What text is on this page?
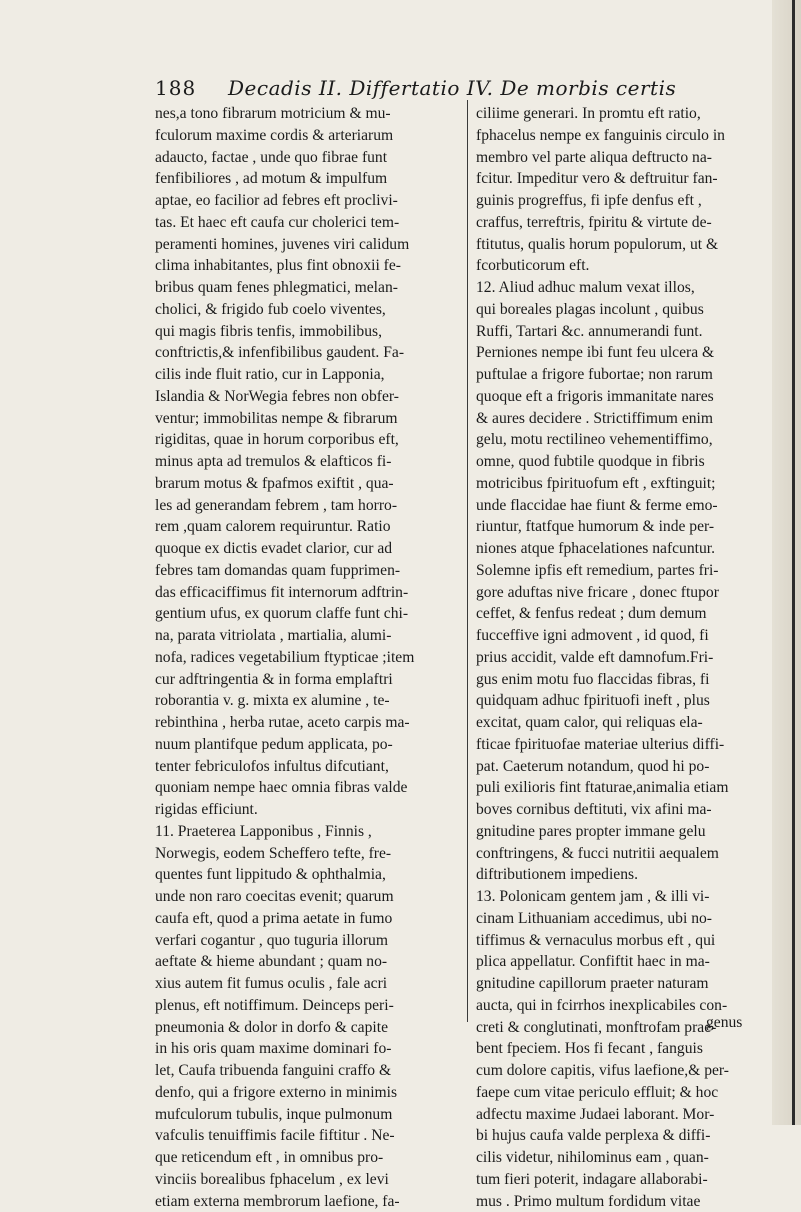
188 Decadis II. Differtatio IV. De morbis certis
nes,a tono fibrarum motricium & mu-
fculorum maxime cordis & arteriarum
adaucto, factae , unde quo fibrae funt
fenfibiliores , ad motum & impulfum
aptae, eo facilior ad febres eft proclivi-
tas. Et haec eft caufa cur cholerici tem-
peramenti homines, juvenes viri calidum
clima inhabitantes, plus fint obnoxii fe-
bribus quam fenes phlegmatici, melan-
cholici, & frigido fub coelo viventes,
qui magis fibris tenfis, immobilibus,
conftrictis,& infenfibilibus gaudent. Fa-
cilis inde fluit ratio, cur in Lapponia,
Islandia & NorWegia febres non obfer-
ventur; immobilitas nempe & fibrarum
rigiditas, quae in horum corporibus eft,
minus apta ad tremulos & elafticos fi-
brarum motus & fpafmos exiftit , qua-
les ad generandam febrem , tam horro-
rem ,quam calorem requiruntur. Ratio
quoque ex dictis evadet clarior, cur ad
febres tam domandas quam fupprimen-
das efficaciffimus fit internorum adftrin-
gentium ufus, ex quorum claffe funt chi-
na, parata vitriolata , martialia, alumi-
nofa, radices vegetabilium ftypticae ;item
cur adftringentia & in forma emplaftri
roborantia v. g. mixta ex alumine , te-
rebinthina , herba rutae, aceto carpis ma-
nuum plantifque pedum applicata, po-
tenter febriculofos infultus difcutiant,
quoniam nempe haec omnia fibras valde
rigidas efficiunt.
11. Praeterea Lapponibus , Finnis ,
Norwegis, eodem Scheffero tefte, fre-
quentes funt lippitudo & ophthalmia,
unde non raro coecitas evenit; quarum
caufa eft, quod a prima aetate in fumo
verfari cogantur , quo tuguria illorum
aeftate & hieme abundant ; quam no-
xius autem fit fumus oculis , fale acri
plenus, eft notiffimum. Deinceps peri-
pneumonia & dolor in dorfo & capite
in his oris quam maxime dominari fo-
let, Caufa tribuenda fanguini craffo &
denfo, qui a frigore externo in minimis
mufculorum tubulis, inque pulmonum
vafculis tenuiffimis facile fiftitur . Ne-
que reticendum eft , in omnibus pro-
vinciis borealibus fphacelum , ex levi
etiam externa membrorum laefione, fa-
ciliime generari. In promtu eft ratio,
fphacelus nempe ex fanguinis circulo in
membro vel parte aliqua deftructo na-
fcitur. Impeditur vero & deftruitur fan-
guinis progreffus, fi ipfe denfus eft ,
craffus, terreftris, fpiritu & virtute de-
ftitutus, qualis horum populorum, ut &
fcorbuticorum eft.
12. Aliud adhuc malum vexat illos,
qui boreales plagas incolunt , quibus
Ruffi, Tartari &c. annumerandi funt.
Perniones nempe ibi funt feu ulcera &
puftulae a frigore fubortae; non rarum
quoque eft a frigoris immanitate nares
& aures decidere . Strictiffimum enim
gelu, motu rectilineo vehementiffimo,
omne, quod fubtile quodque in fibris
motricibus fpirituofum eft , exftinguit;
unde flaccidae hae fiunt & ferme emo-
riuntur, ftatfque humorum & inde per-
niones atque fphacelationes nafcuntur.
Solemne ipfis eft remedium, partes fri-
gore aduftas nive fricare , donec ftupor
ceffet, & fenfus redeat ; dum demum
fucceffive igni admovent , id quod, fi
prius accidit, valde eft damnofum.Fri-
gus enim motu fuo flaccidas fibras, fi
quidquam adhuc fpirituofi ineft , plus
excitat, quam calor, qui reliquas ela-
fticae fpirituofae materiae ulterius diffi-
pat. Caeterum notandum, quod hi po-
puli exilioris fint ftaturae,animalia etiam
boves cornibus deftituti, vix afini ma-
gnitudine pares propter immane gelu
conftringens, & fucci nutritii aequalem
diftributionem impediens.
13. Polonicam gentem jam , & illi vi-
cinam Lithuaniam accedimus, ubi no-
tiffimus & vernaculus morbus eft , qui
plica appellatur. Confiftit haec in ma-
gnitudine capillorum praeter naturam
aucta, qui in fcirrhos inexplicabiles con-
creti & conglutinati, monftrofam prae-
bent fpeciem. Hos fi fecant , fanguis
cum dolore capitis, vifus laefione,& per-
faepe cum vitae periculo effluit; & hoc
adfectu maxime Judaei laborant. Mor-
bi hujus caufa valde perplexa & diffi-
cilis videtur, nihilominus eam , quan-
tum fieri poterit, indagare allaborabi-
mus . Primo multum fordidum vitae
genus
